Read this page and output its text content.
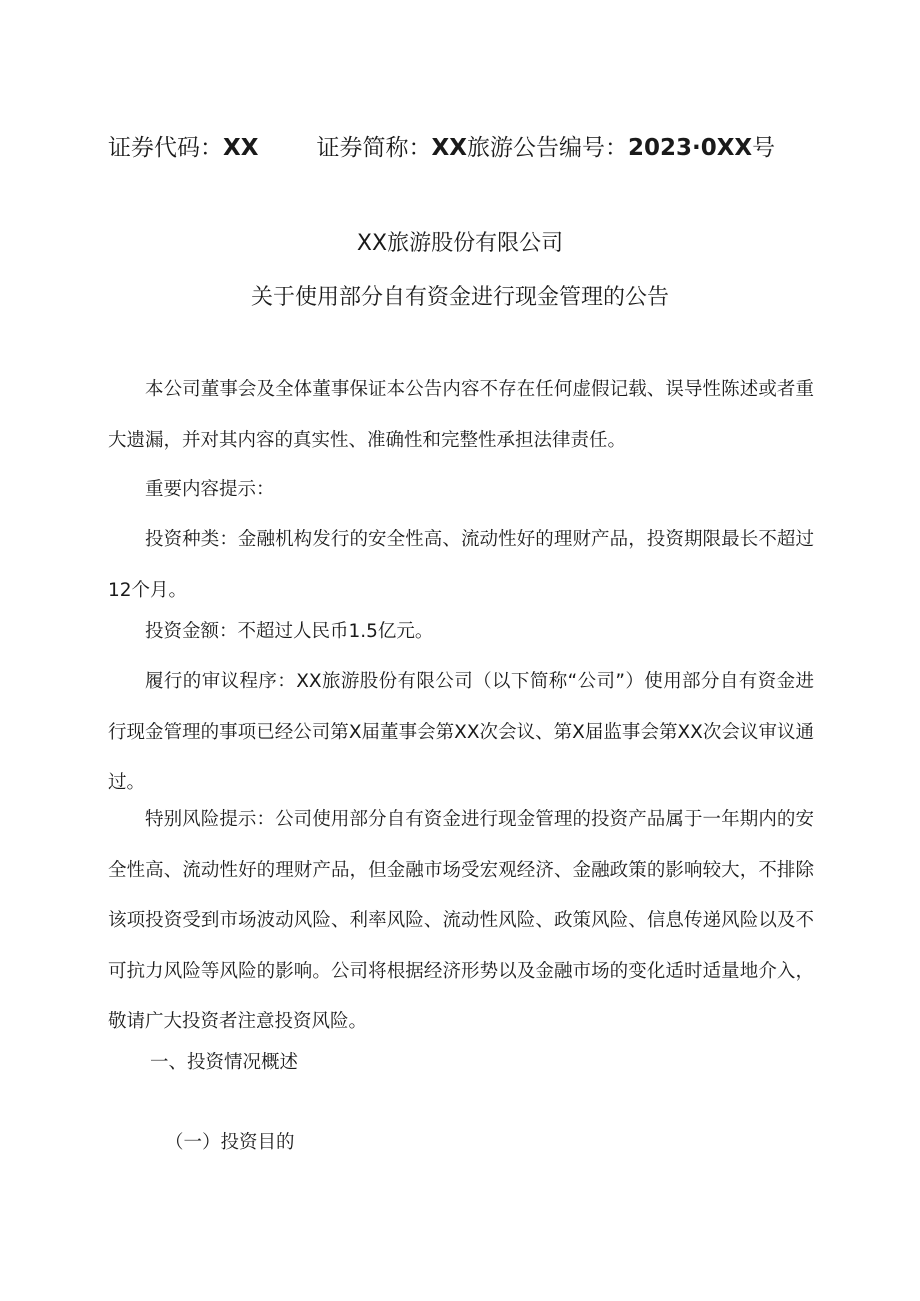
证券代码：XX	证券简称：XX旅游公告编号：2023·0XX号
XX旅游股份有限公司
关于使用部分自有资金进行现金管理的公告

本公司董事会及全体董事保证本公告内容不存在任何虚假记载、误导性陈述或者重大遗漏，并对其内容的真实性、准确性和完整性承担法律责任。

重要内容提示：

投资种类：金融机构发行的安全性高、流动性好的理财产品，投资期限最长不超过12个月。

投资金额：不超过人民币1.5亿元。

履行的审议程序：XX旅游股份有限公司（以下简称“公司”）使用部分自有资金进行现金管理的事项已经公司第X届董事会第XX次会议、第X届监事会第XX次会议审议通过。

特别风险提示：公司使用部分自有资金进行现金管理的投资产品属于一年期内的安全性高、流动性好的理财产品，但金融市场受宏观经济、金融政策的影响较大，不排除该项投资受到市场波动风险、利率风险、流动性风险、政策风险、信息传递风险以及不可抗力风险等风险的影响。公司将根据经济形势以及金融市场的变化适时适量地介入，敬请广大投资者注意投资风险。

一、投资情况概述
（一）投资目的
